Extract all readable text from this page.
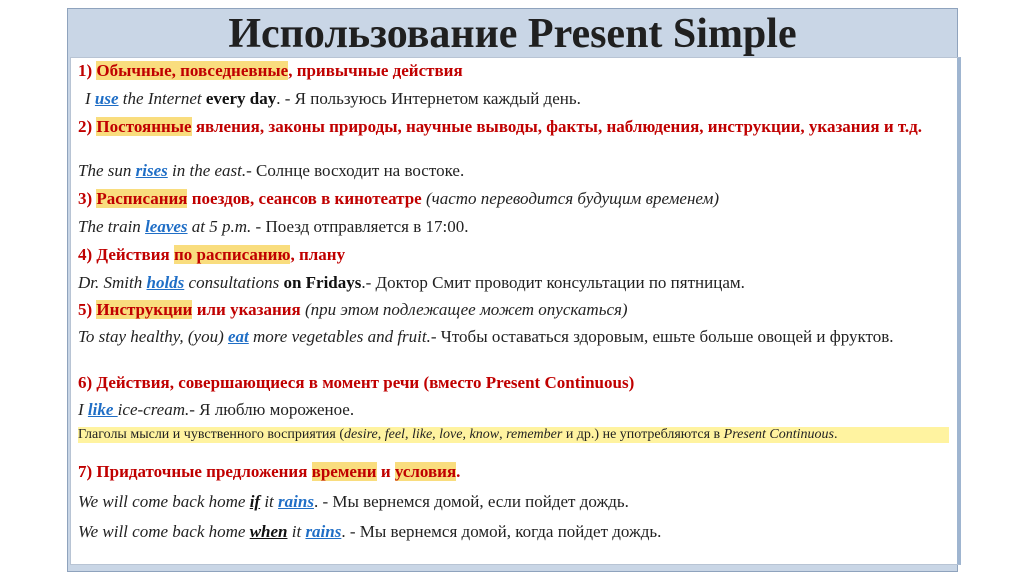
Использование Present Simple
1) Обычные, повседневные, привычные действия
I use the Internet every day. - Я пользуюсь Интернетом каждый день.
2) Постоянные явления, законы природы, научные выводы, факты, наблюдения, инструкции, указания и т.д.
The sun rises in the east.- Солнце восходит на востоке.
3) Расписания поездов, сеансов в кинотеатре (часто переводится будущим временем)
The train leaves at 5 p.m. - Поезд отправляется в 17:00.
4) Действия по расписанию, плану
Dr. Smith holds consultations on Fridays.- Доктор Смит проводит консультации по пятницам.
5) Инструкции или указания (при этом подлежащее может опускаться)
To stay healthy, (you) eat more vegetables and fruit.- Чтобы оставаться здоровым, ешьте больше овощей и фруктов.
6) Действия, совершающиеся в момент речи (вместо Present Continuous)
I like ice-cream.- Я люблю мороженое.
Глаголы мысли и чувственного восприятия (desire, feel, like, love, know, remember и др.) не употребляются в Present Continuous.
7) Придаточные предложения времени и условия.
We will come back home if it rains. - Мы вернемся домой, если пойдет дождь.
We will come back home when it rains. - Мы вернемся домой, когда пойдет дождь.
